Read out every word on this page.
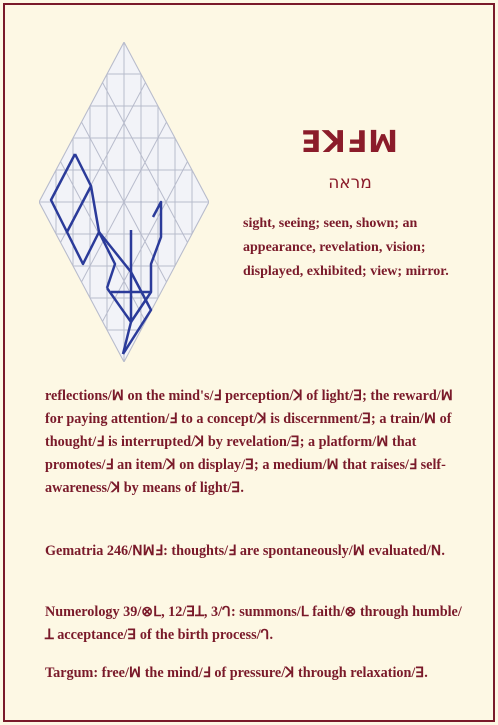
ꓱꓘꓞꟽ
מראה
sight, seeing; seen, shown; an appearance, revelation, vision; displayed, exhibited; view; mirror.
reflections/ꟽ on the mind's/ꓞ perception/ꓘ of light/ꓱ; the reward/ꟽ for paying attention/ꓞ to a concept/ꓘ is discernment/ꓱ; a train/ꟽ of thought/ꓞ is interrupted/ꓘ by revelation/ꓱ; a platform/ꟽ that promotes/ꓞ an item/ꓘ on display/ꓱ; a medium/ꟽ that raises/ꓞ self-awareness/ꓘ by means of light/ꓱ.
Gematria 246/ꓠꟽꓞ: thoughts/ꓞ are spontaneously/ꟽ evaluated/ꓠ.
Numerology 39/⊗ᒪ, 12/ꓱꓕ, 3/ᒉ: summons/ᒪ faith/⊗ through humble/ꓕ acceptance/ꓱ of the birth process/ᒉ.
Targum: free/ꟽ the mind/ꓞ of pressure/ꓘ through relaxation/ꓱ.
